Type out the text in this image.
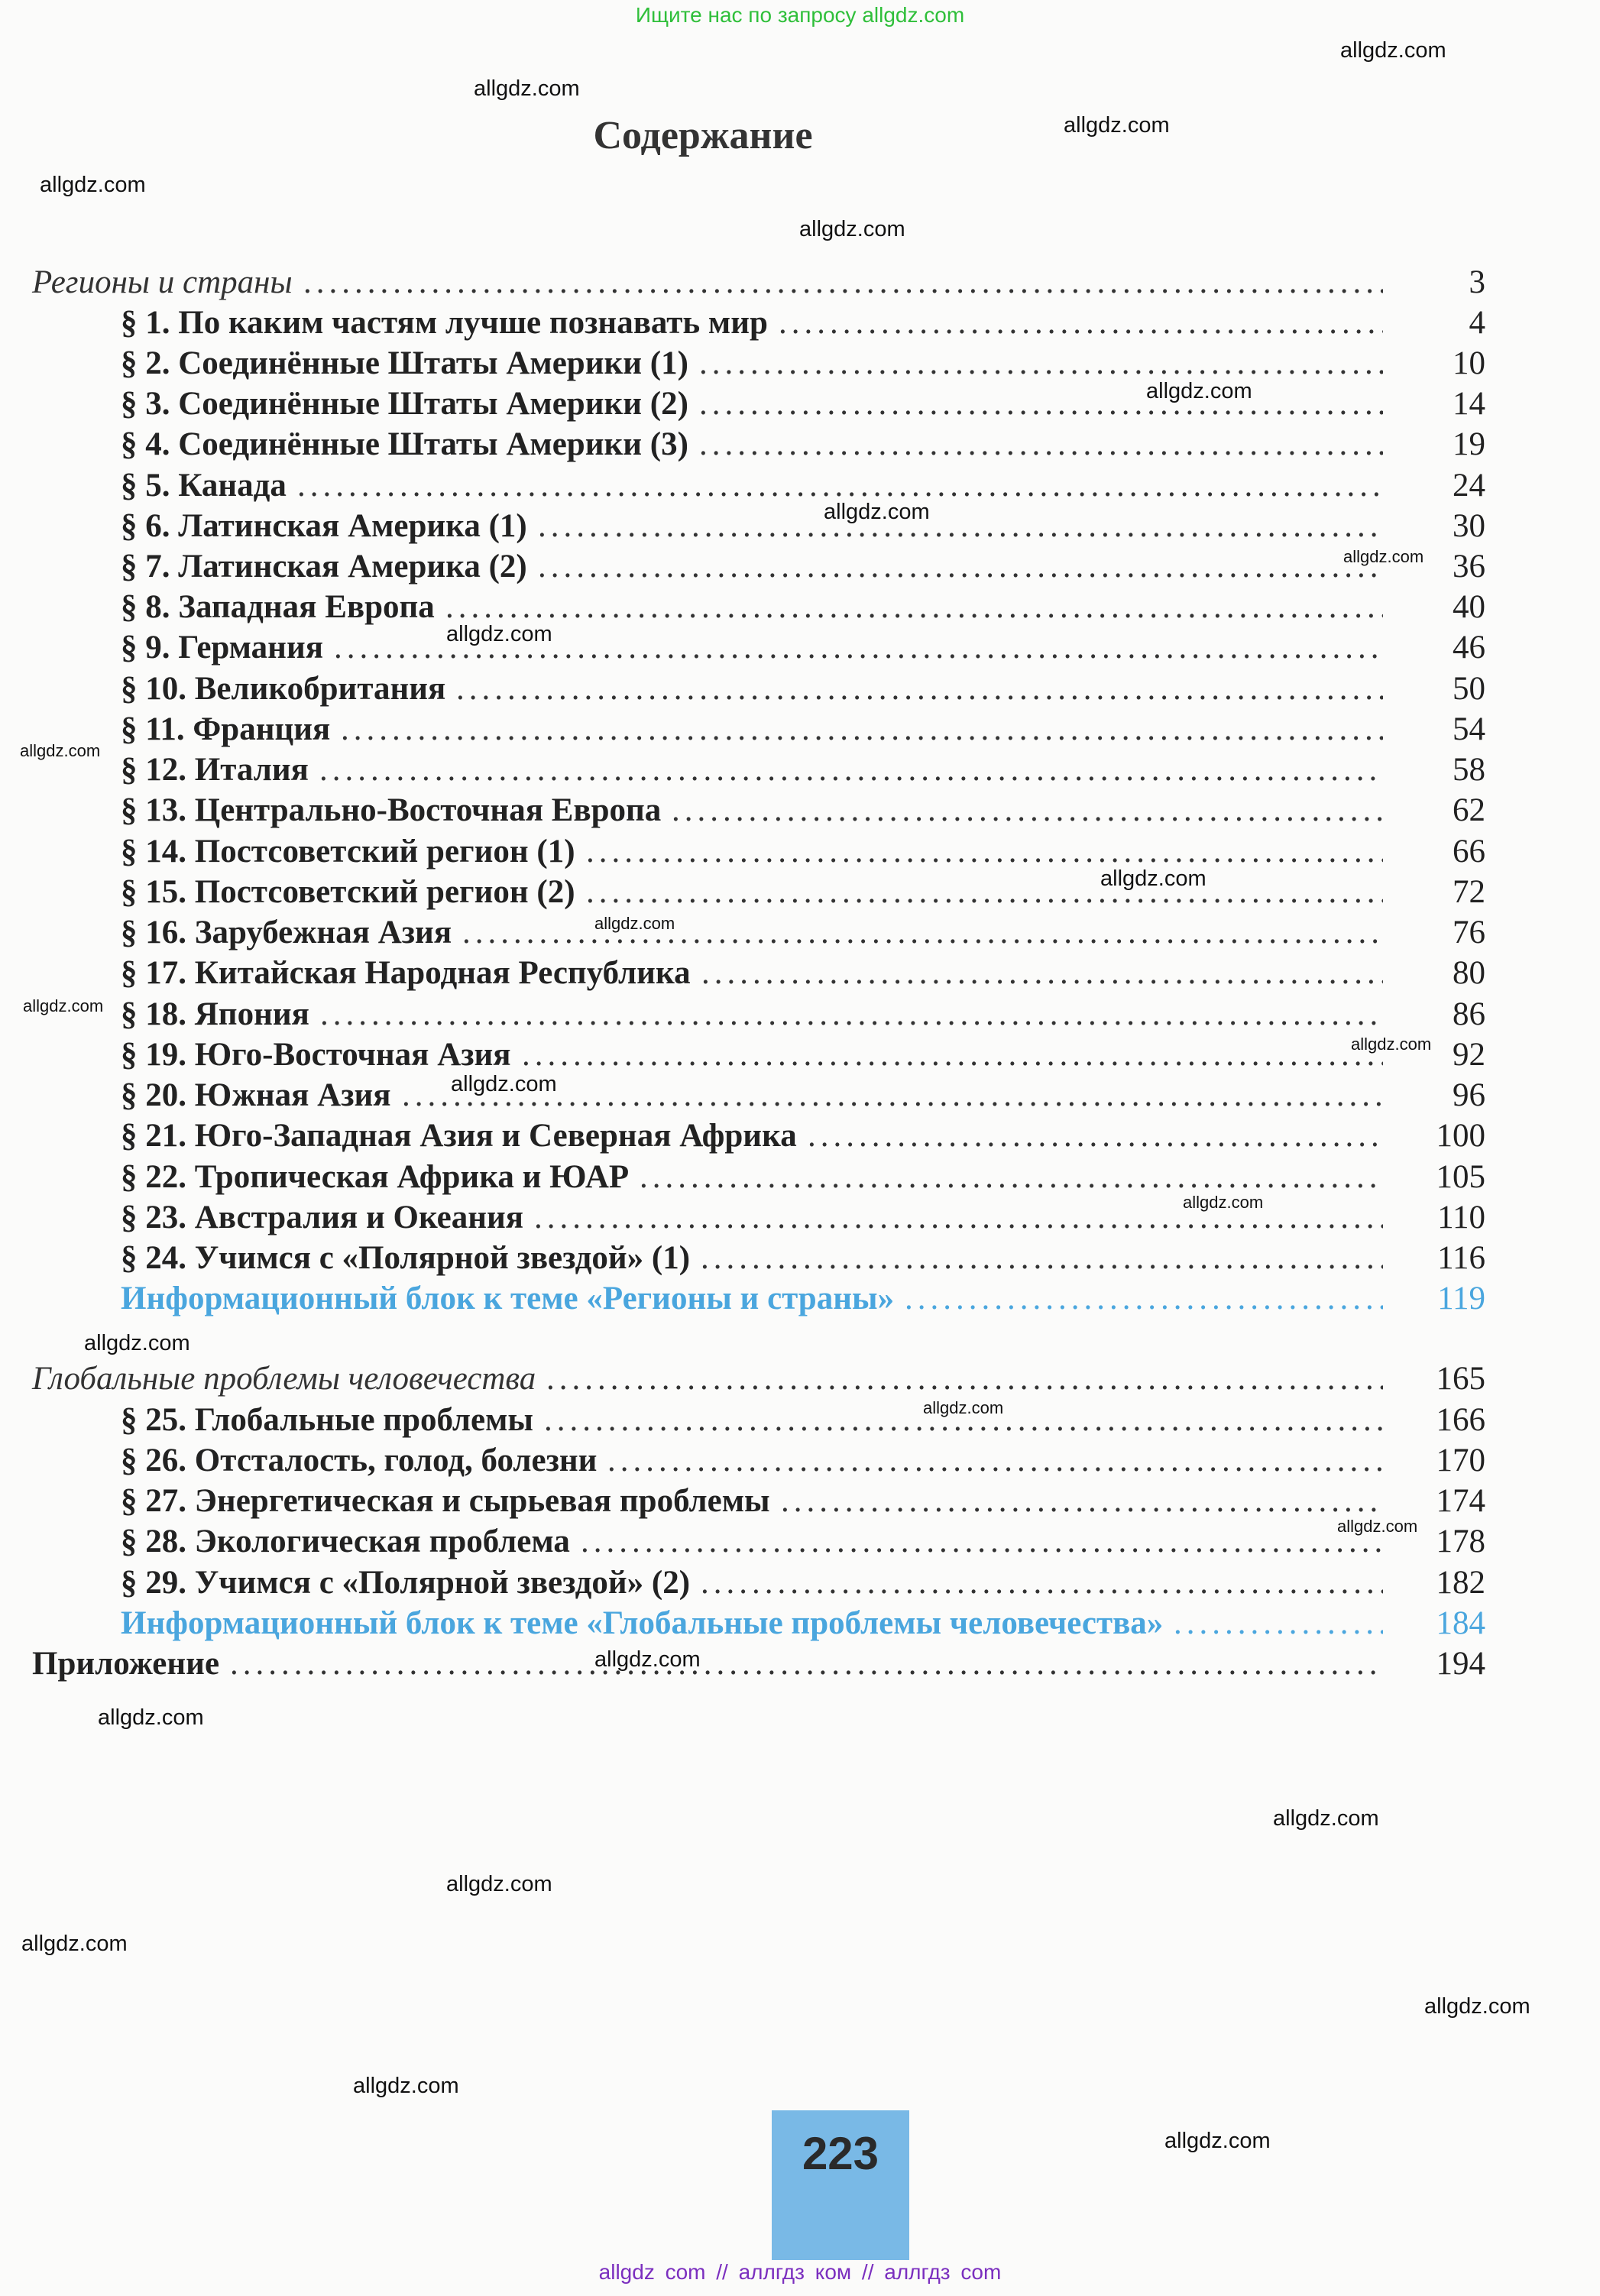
Ищите нас по запросу allgdz.com
Содержание
Регионы и страны .....	3
§ 1. По каким частям лучше познавать мир .....	4
§ 2. Соединённые Штаты Америки (1) .....	10
§ 3. Соединённые Штаты Америки (2) .....	14
§ 4. Соединённые Штаты Америки (3) .....	19
§ 5. Канада .....	24
§ 6. Латинская Америка (1) .....	30
§ 7. Латинская Америка (2) .....	36
§ 8. Западная Европа .....	40
§ 9. Германия .....	46
§ 10. Великобритания .....	50
§ 11. Франция .....	54
§ 12. Италия .....	58
§ 13. Центрально-Восточная Европа .....	62
§ 14. Постсоветский регион (1) .....	66
§ 15. Постсоветский регион (2) .....	72
§ 16. Зарубежная Азия .....	76
§ 17. Китайская Народная Республика .....	80
§ 18. Япония .....	86
§ 19. Юго-Восточная Азия .....	92
§ 20. Южная Азия .....	96
§ 21. Юго-Западная Азия и Северная Африка .....	100
§ 22. Тропическая Африка и ЮАР .....	105
§ 23. Австралия и Океания .....	110
§ 24. Учимся с «Полярной звездой» (1) .....	116
Информационный блок к теме «Регионы и страны» .....	119
Глобальные проблемы человечества .....	165
§ 25. Глобальные проблемы .....	166
§ 26. Отсталость, голод, болезни .....	170
§ 27. Энергетическая и сырьевая проблемы .....	174
§ 28. Экологическая проблема .....	178
§ 29. Учимся с «Полярной звездой» (2) .....	182
Информационный блок к теме «Глобальные проблемы человечества» .....	184
Приложение .....	194
allgdz.com
allgdz.com
allgdz.com
allgdz.com
allgdz.com
allgdz.com
allgdz.com
allgdz.com
allgdz.com
allgdz.com
allgdz.com
allgdz.com
allgdz.com
allgdz.com
allgdz.com
allgdz.com
allgdz.com
allgdz.com
allgdz.com
allgdz.com
allgdz.com
allgdz.com
allgdz.com
allgdz.com
allgdz.com
allgdz.com
allgdz.com
223
allgdz com // аллгдз ком // аллгдз com
